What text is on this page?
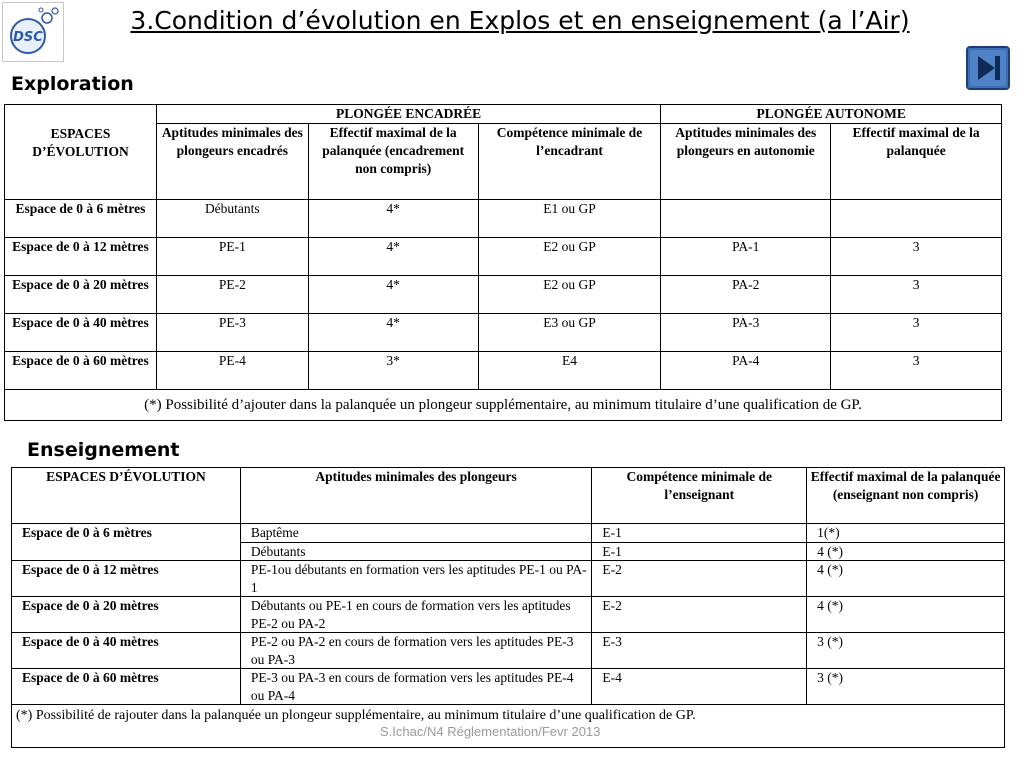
DSC
3.Condition d’évolution en Explos et en enseignement (a l’Air)
Exploration
ESPACES D’ÉVOLUTION	PLONGÉE ENCADRÉE			PLONGÉE AUTONOME	
	Aptitudes minimales des plongeurs encadrés	Effectif maximal de la palanquée (encadrement non compris)	Compétence minimale de l’encadrant	Aptitudes minimales des plongeurs en autonomie	Effectif maximal de la palanquée
Espace de 0 à 6 mètres	Débutants	4*	E1 ou GP		
Espace de 0 à 12 mètres	PE-1	4*	E2 ou GP	PA-1	3
Espace de 0 à 20 mètres	PE-2	4*	E2 ou GP	PA-2	3
Espace de 0 à 40 mètres	PE-3	4*	E3 ou GP	PA-3	3
Espace de 0 à 60 mètres	PE-4	3*	E4	PA-4	3
(*) Possibilité d’ajouter dans la palanquée un plongeur supplémentaire, au minimum titulaire d’une qualification de GP.					
Enseignement
ESPACES D’ÉVOLUTION	Aptitudes minimales des plongeurs	Compétence minimale de l’enseignant	Effectif maximal de la palanquée (enseignant non compris)
Espace de 0 à 6 mètres	Baptême	E-1	1(*)
	Débutants	E-1	4 (*)
Espace de 0 à 12 mètres	PE-1ou débutants en formation vers les aptitudes PE-1 ou PA-1	E-2	4 (*)
Espace de 0 à 20 mètres	Débutants ou PE-1 en cours de formation vers les aptitudes PE-2 ou PA-2	E-2	4 (*)
Espace de 0 à 40 mètres	PE-2 ou PA-2 en cours de formation vers les aptitudes PE-3 ou PA-3	E-3	3 (*)
Espace de 0 à 60 mètres	PE-3 ou PA-3 en cours de formation vers les aptitudes PE-4 ou PA-4	E-4	3 (*)
(*) Possibilité de rajouter dans la palanquée un plongeur supplémentaire, au minimum titulaire d’une qualification de GP.			
S.Ichac/N4 Réglementation/Fevr 2013
